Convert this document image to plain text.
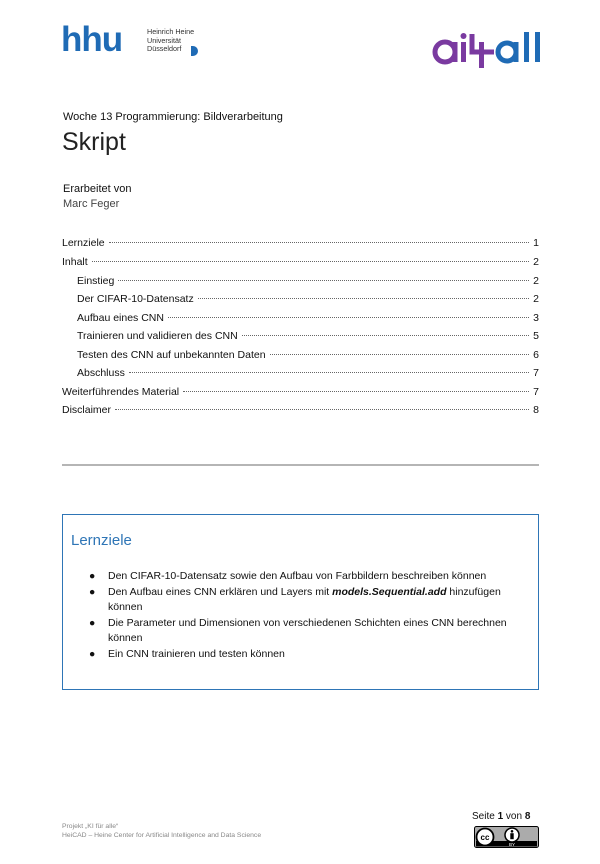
hhu	Heinrich Heine
Universität
Düsseldorf
Woche 13 Programmierung: Bildverarbeitung
Skript
Erarbeitet von
Marc Feger
Lernziele	1
Inhalt	2
Einstieg	2
Der CIFAR-10-Datensatz	2
Aufbau eines CNN	3
Trainieren und validieren des CNN	5
Testen des CNN auf unbekannten Daten	6
Abschluss	7
Weiterführendes Material	7
Disclaimer	8
Lernziele
● Den CIFAR-10-Datensatz sowie den Aufbau von Farbbildern beschreiben können
● Den Aufbau eines CNN erklären und Layers mit models.Sequential.add hinzufügen können
● Die Parameter und Dimensionen von verschiedenen Schichten eines CNN berechnen können
● Ein CNN trainieren und testen können
Projekt „KI für alle“
HeiCAD – Heine Center for Artificial Intelligence and Data Science
Seite 1 von 8
cc
BY
